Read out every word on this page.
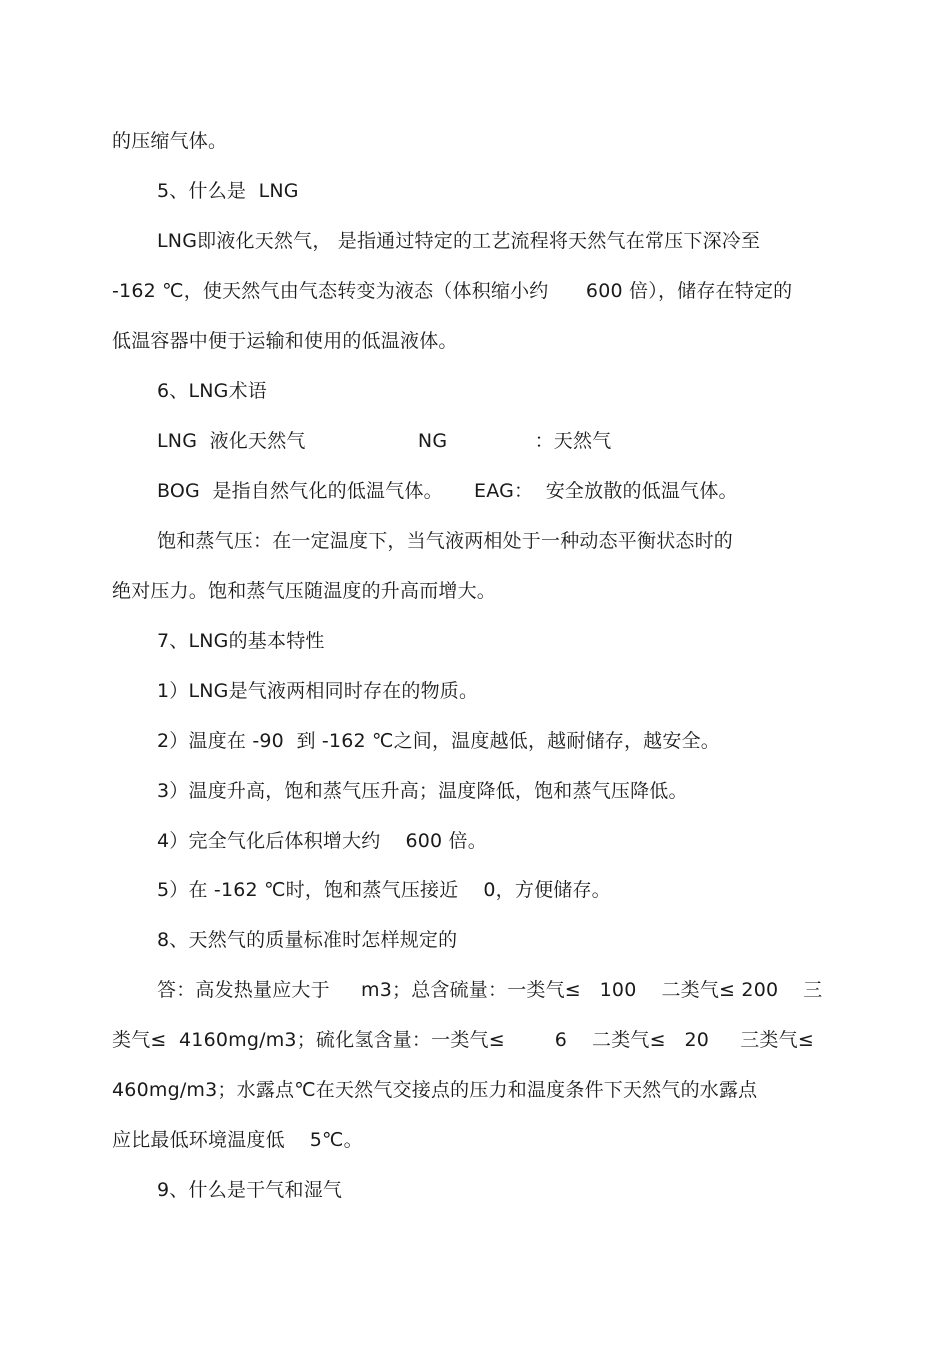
的压缩气体。
5、什么是  LNG
LNG即液化天然气， 是指通过特定的工艺流程将天然气在常压下深冷至
-162 ℃，使天然气由气态转变为液态（体积缩小约      600 倍），储存在特定的
低温容器中便于运输和使用的低温液体。
6、LNG术语
LNG  液化天然气                  NG              ：天然气
BOG  是指自然气化的低温气体。     EAG：  安全放散的低温气体。
饱和蒸气压：在一定温度下，当气液两相处于一种动态平衡状态时的
绝对压力。饱和蒸气压随温度的升高而增大。
7、LNG的基本特性
1）LNG是气液两相同时存在的物质。
2）温度在 -90  到 -162 ℃之间，温度越低，越耐储存，越安全。
3）温度升高，饱和蒸气压升高；温度降低，饱和蒸气压降低。
4）完全气化后体积增大约    600 倍。
5）在 -162 ℃时，饱和蒸气压接近    0，方便储存。
8、天然气的质量标准时怎样规定的
答：高发热量应大于     m3；总含硫量：一类气≤   100    二类气≤ 200    三
类气≤  4160mg/m3；硫化氢含量：一类气≤        6    二类气≤   20     三类气≤
460mg/m3；水露点℃在天然气交接点的压力和温度条件下天然气的水露点
应比最低环境温度低    5℃。
9、什么是干气和湿气
